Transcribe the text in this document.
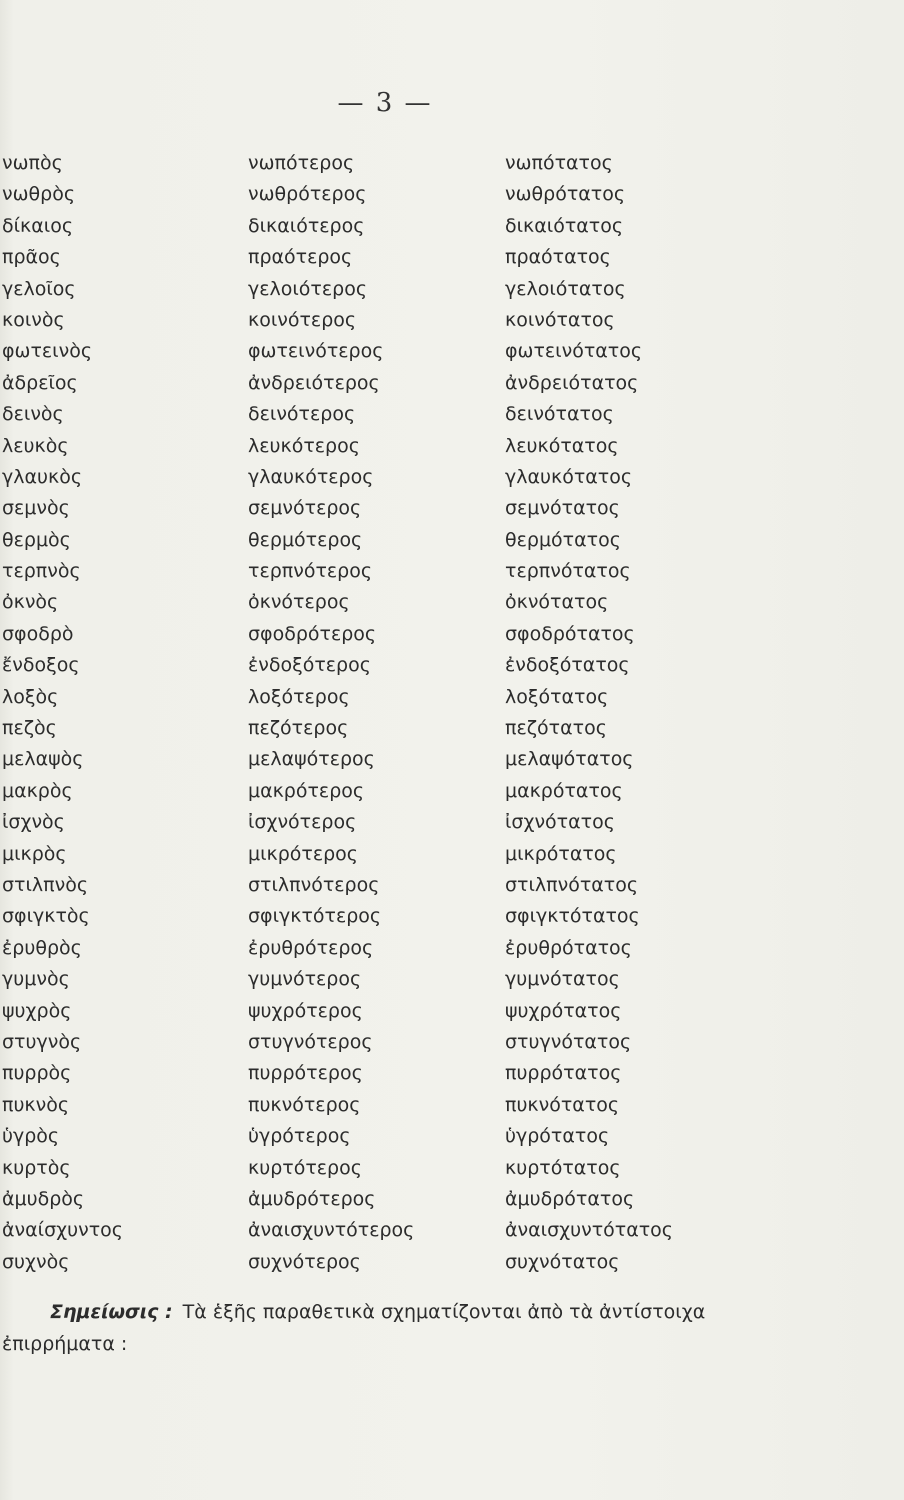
— 3 —
νωπὸς	νωπότερος	νωπότατος
νωθρὸς	νωθρότερος	νωθρότατος
δίκαιος	δικαιότερος	δικαιότατος
πρᾶος	πραότερος	πραότατος
γελοῖος	γελοιότερος	γελοιότατος
κοινὸς	κοινότερος	κοινότατος
φωτεινὸς	φωτεινότερος	φωτεινότατος
ἀδρεῖος	ἀνδρειότερος	ἀνδρειότατος
δεινὸς	δεινότερος	δεινότατος
λευκὸς	λευκότερος	λευκότατος
γλαυκὸς	γλαυκότερος	γλαυκότατος
σεμνὸς	σεμνότερος	σεμνότατος
θερμὸς	θερμότερος	θερμότατος
τερπνὸς	τερπνότερος	τερπνότατος
ὀκνὸς	ὀκνότερος	ὀκνότατος
σφοδρὸ	σφοδρότερος	σφοδρότατος
ἔνδοξος	ἐνδοξότερος	ἐνδοξότατος
λοξὸς	λοξότερος	λοξότατος
πεζὸς	πεζότερος	πεζότατος
μελαψὸς	μελαψότερος	μελαψότατος
μακρὸς	μακρότερος	μακρότατος
ἰσχνὸς	ἰσχνότερος	ἰσχνότατος
μικρὸς	μικρότερος	μικρότατος
στιλπνὸς	στιλπνότερος	στιλπνότατος
σφιγκτὸς	σφιγκτότερος	σφιγκτότατος
ἐρυθρὸς	ἐρυθρότερος	ἐρυθρότατος
γυμνὸς	γυμνότερος	γυμνότατος
ψυχρὸς	ψυχρότερος	ψυχρότατος
στυγνὸς	στυγνότερος	στυγνότατος
πυρρὸς	πυρρότερος	πυρρότατος
πυκνὸς	πυκνότερος	πυκνότατος
ὑγρὸς	ὑγρότερος	ὑγρότατος
κυρτὸς	κυρτότερος	κυρτότατος
ἀμυδρὸς	ἀμυδρότερος	ἀμυδρότατος
ἀναίσχυντος	ἀναισχυντότερος	ἀναισχυντότατος
συχνὸς	συχνότερος	συχνότατος
Σημείωσις : Τὰ ἑξῆς παραθετικὰ σχηματίζονται ἀπὸ τὰ ἀντίστοιχα
ἐπιρρήματα :
